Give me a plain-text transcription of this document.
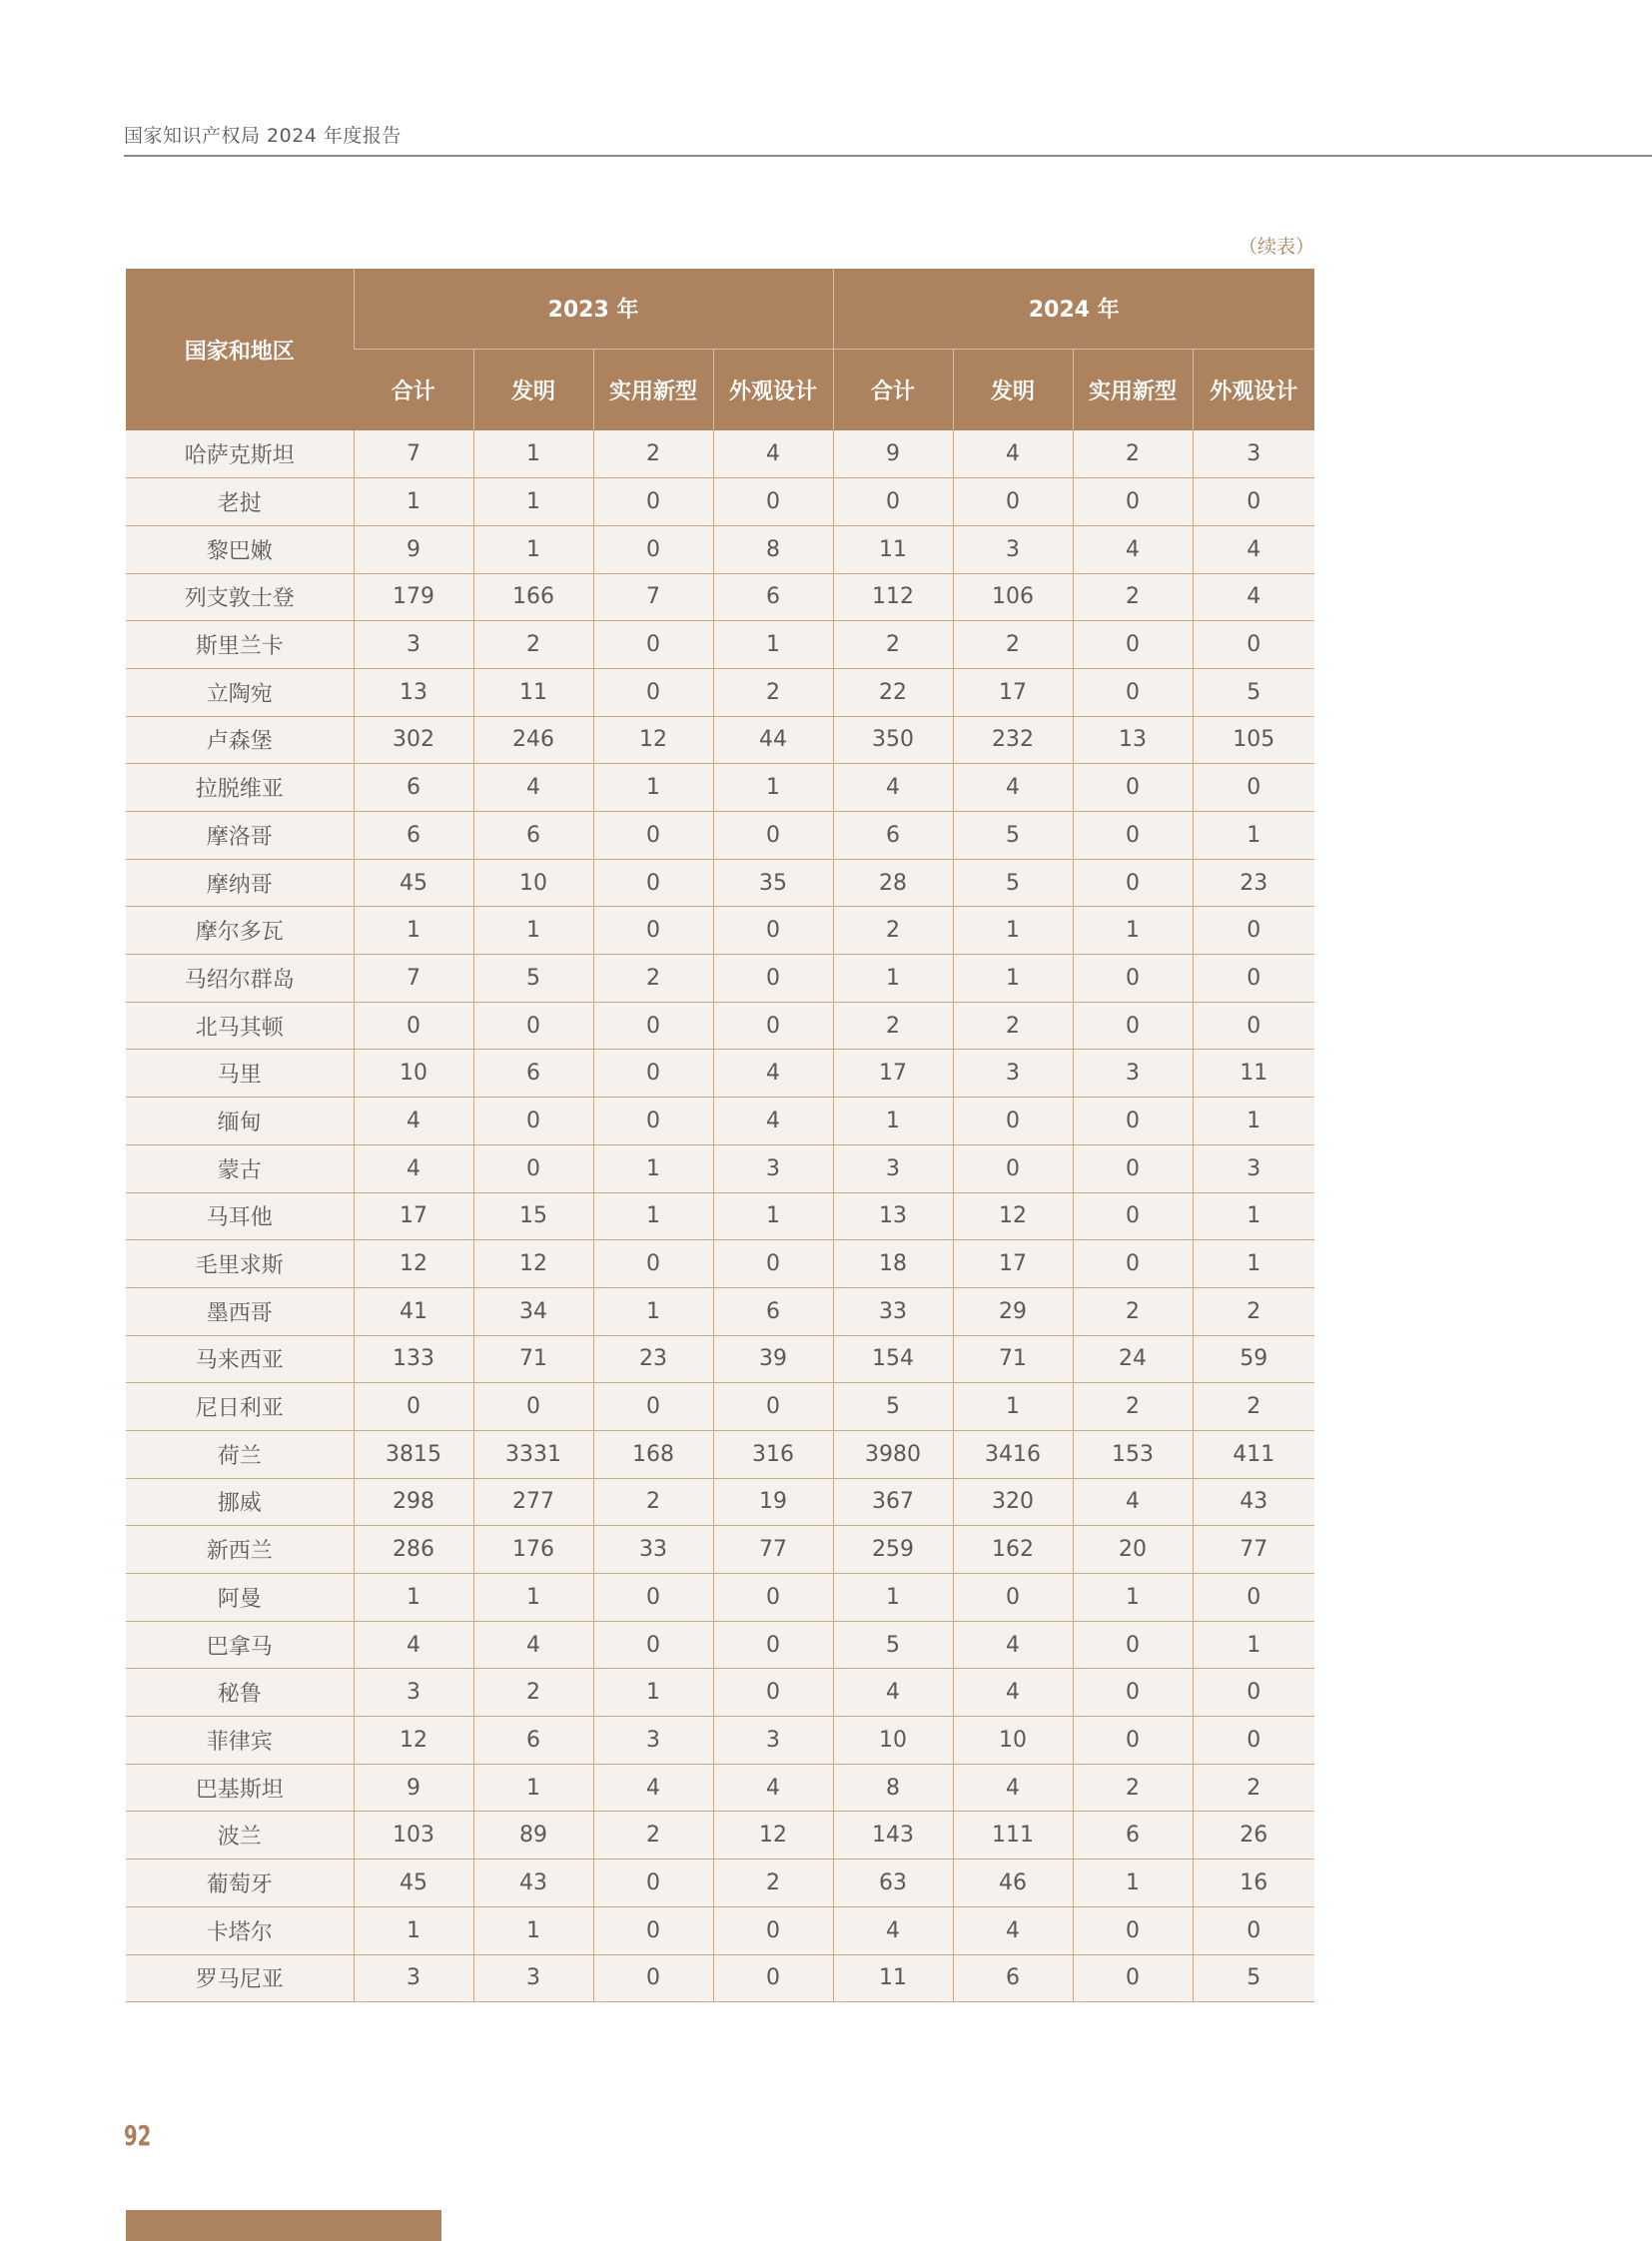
国家知识产权局 2024 年度报告
（续表）
国家和地区	2023 年				2024 年			
	合计	发明	实用新型	外观设计	合计	发明	实用新型	外观设计
哈萨克斯坦	7	1	2	4	9	4	2	3
老挝	1	1	0	0	0	0	0	0
黎巴嫩	9	1	0	8	11	3	4	4
列支敦士登	179	166	7	6	112	106	2	4
斯里兰卡	3	2	0	1	2	2	0	0
立陶宛	13	11	0	2	22	17	0	5
卢森堡	302	246	12	44	350	232	13	105
拉脱维亚	6	4	1	1	4	4	0	0
摩洛哥	6	6	0	0	6	5	0	1
摩纳哥	45	10	0	35	28	5	0	23
摩尔多瓦	1	1	0	0	2	1	1	0
马绍尔群岛	7	5	2	0	1	1	0	0
北马其顿	0	0	0	0	2	2	0	0
马里	10	6	0	4	17	3	3	11
缅甸	4	0	0	4	1	0	0	1
蒙古	4	0	1	3	3	0	0	3
马耳他	17	15	1	1	13	12	0	1
毛里求斯	12	12	0	0	18	17	0	1
墨西哥	41	34	1	6	33	29	2	2
马来西亚	133	71	23	39	154	71	24	59
尼日利亚	0	0	0	0	5	1	2	2
荷兰	3815	3331	168	316	3980	3416	153	411
挪威	298	277	2	19	367	320	4	43
新西兰	286	176	33	77	259	162	20	77
阿曼	1	1	0	0	1	0	1	0
巴拿马	4	4	0	0	5	4	0	1
秘鲁	3	2	1	0	4	4	0	0
菲律宾	12	6	3	3	10	10	0	0
巴基斯坦	9	1	4	4	8	4	2	2
波兰	103	89	2	12	143	111	6	26
葡萄牙	45	43	0	2	63	46	1	16
卡塔尔	1	1	0	0	4	4	0	0
罗马尼亚	3	3	0	0	11	6	0	5
92
